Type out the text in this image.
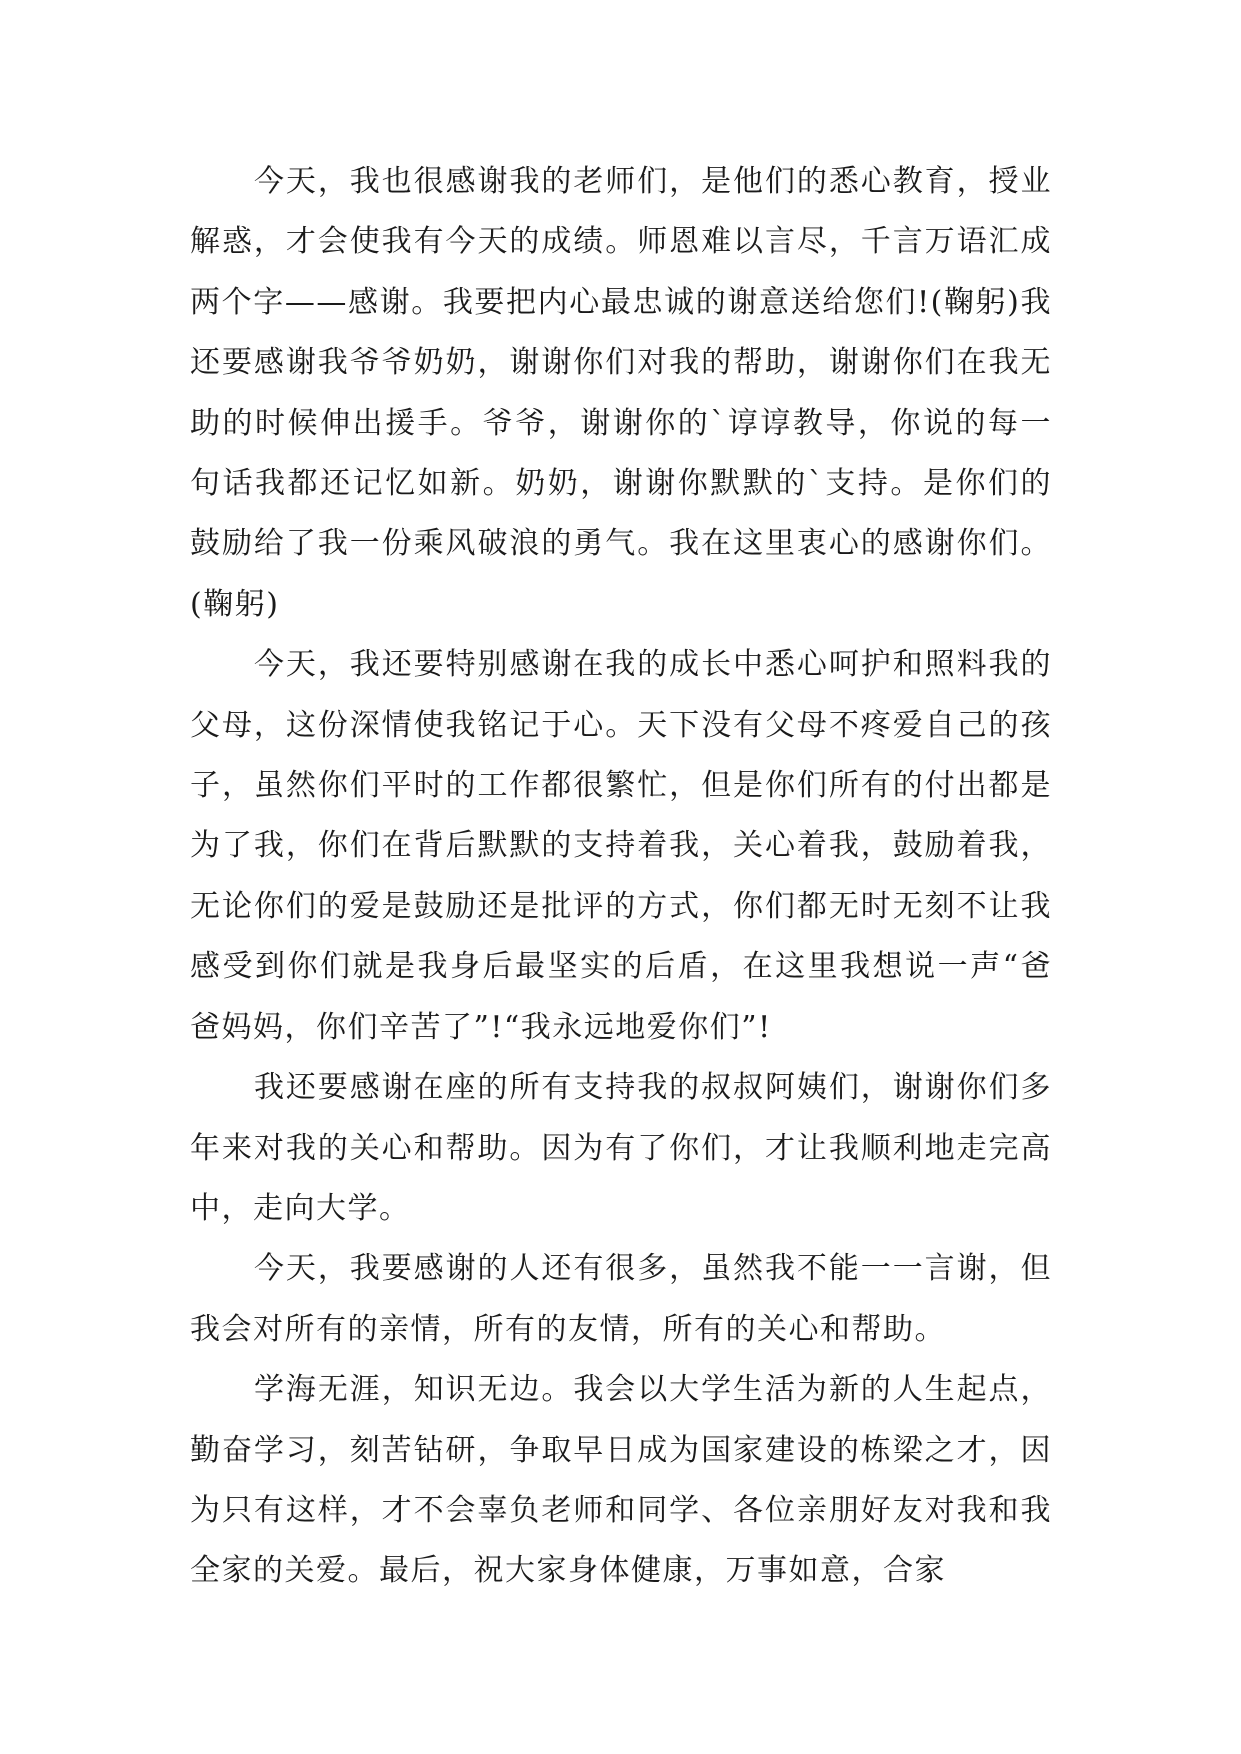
今天，我也很感谢我的老师们，是他们的悉心教育，授业解惑，才会使我有今天的成绩。师恩难以言尽，千言万语汇成两个字——感谢。我要把内心最忠诚的谢意送给您们!(鞠躬)我还要感谢我爷爷奶奶，谢谢你们对我的帮助，谢谢你们在我无助的时候伸出援手。爷爷，谢谢你的`谆谆教导，你说的每一句话我都还记忆如新。奶奶，谢谢你默默的`支持。是你们的鼓励给了我一份乘风破浪的勇气。我在这里衷心的感谢你们。(鞠躬)

今天，我还要特别感谢在我的成长中悉心呵护和照料我的父母，这份深情使我铭记于心。天下没有父母不疼爱自己的孩子，虽然你们平时的工作都很繁忙，但是你们所有的付出都是为了我，你们在背后默默的支持着我，关心着我，鼓励着我，无论你们的爱是鼓励还是批评的方式，你们都无时无刻不让我感受到你们就是我身后最坚实的后盾，在这里我想说一声“爸爸妈妈，你们辛苦了”!“我永远地爱你们”!

我还要感谢在座的所有支持我的叔叔阿姨们，谢谢你们多年来对我的关心和帮助。因为有了你们，才让我顺利地走完高中，走向大学。

今天，我要感谢的人还有很多，虽然我不能一一言谢，但我会对所有的亲情，所有的友情，所有的关心和帮助。

学海无涯，知识无边。我会以大学生活为新的人生起点，勤奋学习，刻苦钻研，争取早日成为国家建设的栋梁之才，因为只有这样，才不会辜负老师和同学、各位亲朋好友对我和我全家的关爱。最后，祝大家身体健康，万事如意，合家
